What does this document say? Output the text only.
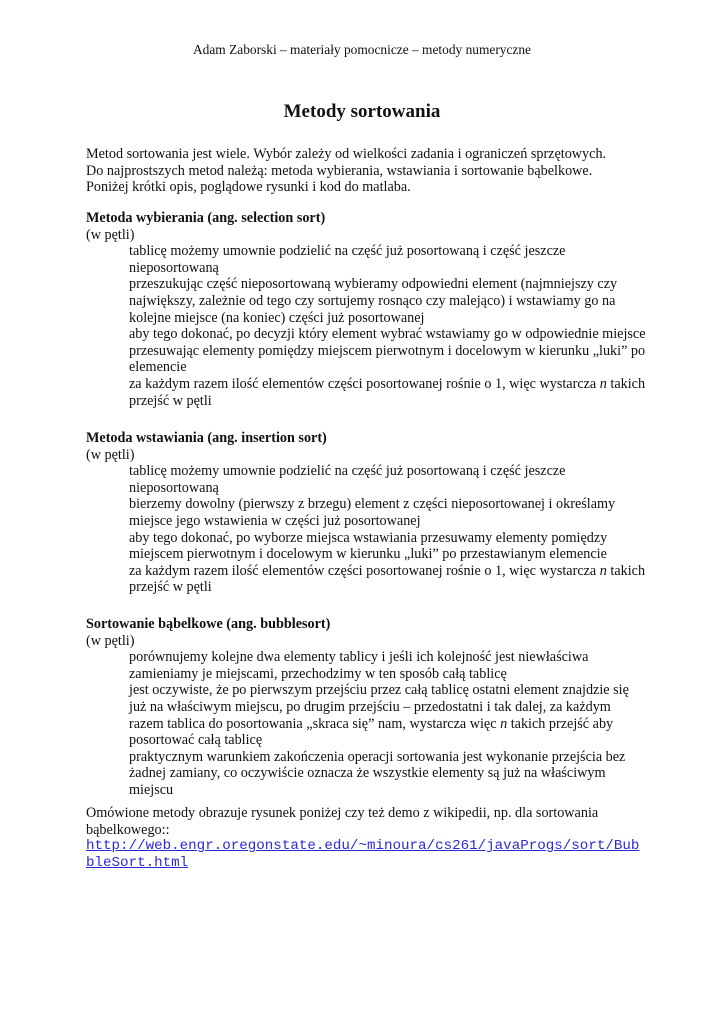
Adam Zaborski – materiały pomocnicze – metody numeryczne
Metody sortowania

Metod sortowania jest wiele. Wybór zależy od wielkości zadania i ograniczeń sprzętowych.

Do najprostszych metod należą: metoda wybierania, wstawiania i sortowanie bąbelkowe.

Poniżej krótki opis, poglądowe rysunki i kod do matlaba.

Metoda wybierania (ang. selection sort)

(w pętli)

tablicę możemy umownie podzielić na część już posortowaną i część jeszcze nieposortowaną
przeszukując część nieposortowaną wybieramy odpowiedni element (najmniejszy czy największy, zależnie od tego czy sortujemy rosnąco czy malejąco) i wstawiamy go na kolejne miejsce (na koniec) części już posortowanej
aby tego dokonać, po decyzji który element wybrać wstawiamy go w odpowiednie miejsce przesuwając elementy pomiędzy miejscem pierwotnym i docelowym w kierunku „luki” po elemencie
za każdym razem ilość elementów części posortowanej rośnie o 1, więc wystarcza n takich przejść w pętli

Metoda wstawiania (ang. insertion sort)

(w pętli)

tablicę możemy umownie podzielić na część już posortowaną i część jeszcze nieposortowaną
bierzemy dowolny (pierwszy z brzegu) element z części nieposortowanej i określamy miejsce jego wstawienia w części już posortowanej
aby tego dokonać, po wyborze miejsca wstawiania przesuwamy elementy pomiędzy miejscem pierwotnym i docelowym w kierunku „luki” po przestawianym elemencie
za każdym razem ilość elementów części posortowanej rośnie o 1, więc wystarcza n takich przejść w pętli

Sortowanie bąbelkowe (ang. bubblesort)

(w pętli)

porównujemy kolejne dwa elementy tablicy i jeśli ich kolejność jest niewłaściwa zamieniamy je miejscami, przechodzimy w ten sposób całą tablicę
jest oczywiste, że po pierwszym przejściu przez całą tablicę ostatni element znajdzie się już na właściwym miejscu, po drugim przejściu – przedostatni i tak dalej, za każdym razem tablica do posortowania „skraca się” nam, wystarcza więc n takich przejść aby posortować całą tablicę
praktycznym warunkiem zakończenia operacji sortowania jest wykonanie przejścia bez żadnej zamiany, co oczywiście oznacza że wszystkie elementy są już na właściwym miejscu

Omówione metody obrazuje rysunek poniżej czy też demo z wikipedii, np. dla sortowania bąbelkowego::

http://web.engr.oregonstate.edu/~minoura/cs261/javaProgs/sort/BubbleSort.html
